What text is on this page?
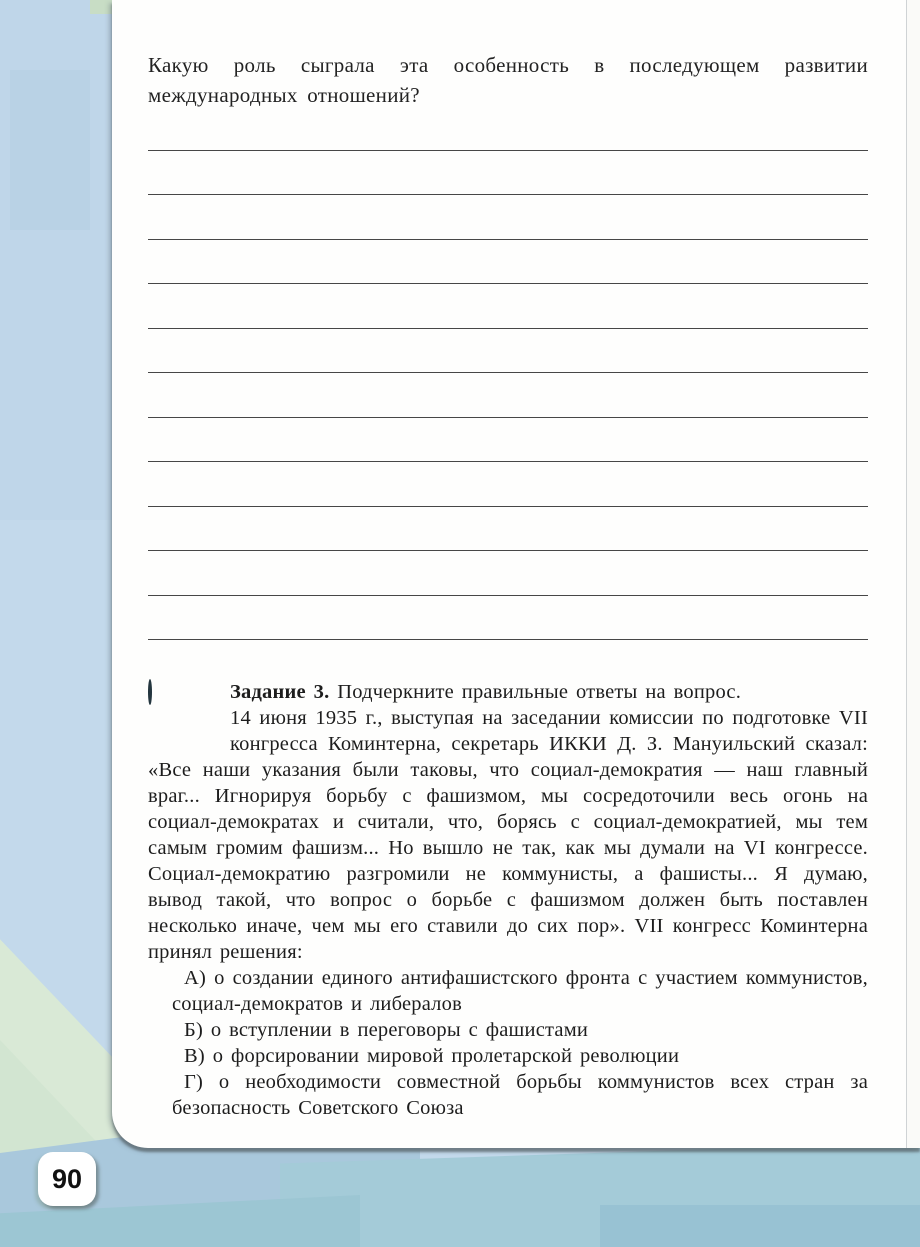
Какую роль сыграла эта особенность в последующем развитии международных отношений?

Задание 3. Подчеркните правильные ответы на вопрос.

14 июня 1935 г., выступая на заседании комиссии по подготовке VII конгресса Коминтерна, секретарь ИККИ Д. З. Мануильский сказал: «Все наши указания были таковы, что социал-демократия — наш главный враг... Игнорируя борьбу с фашизмом, мы сосредоточили весь огонь на социал-демократах и считали, что, борясь с социал-демократией, мы тем самым громим фашизм... Но вышло не так, как мы думали на VI конгрессе. Социал-демократию разгромили не коммунисты, а фашисты... Я думаю, вывод такой, что вопрос о борьбе с фашизмом должен быть поставлен несколько иначе, чем мы его ставили до сих пор». VII конгресс Коминтерна принял решения:

А) о создании единого антифашистского фронта с участием коммунистов, социал-демократов и либералов
Б) о вступлении в переговоры с фашистами
В) о форсировании мировой пролетарской революции
Г) о необходимости совместной борьбы коммунистов всех стран за безопасность Советского Союза
90
